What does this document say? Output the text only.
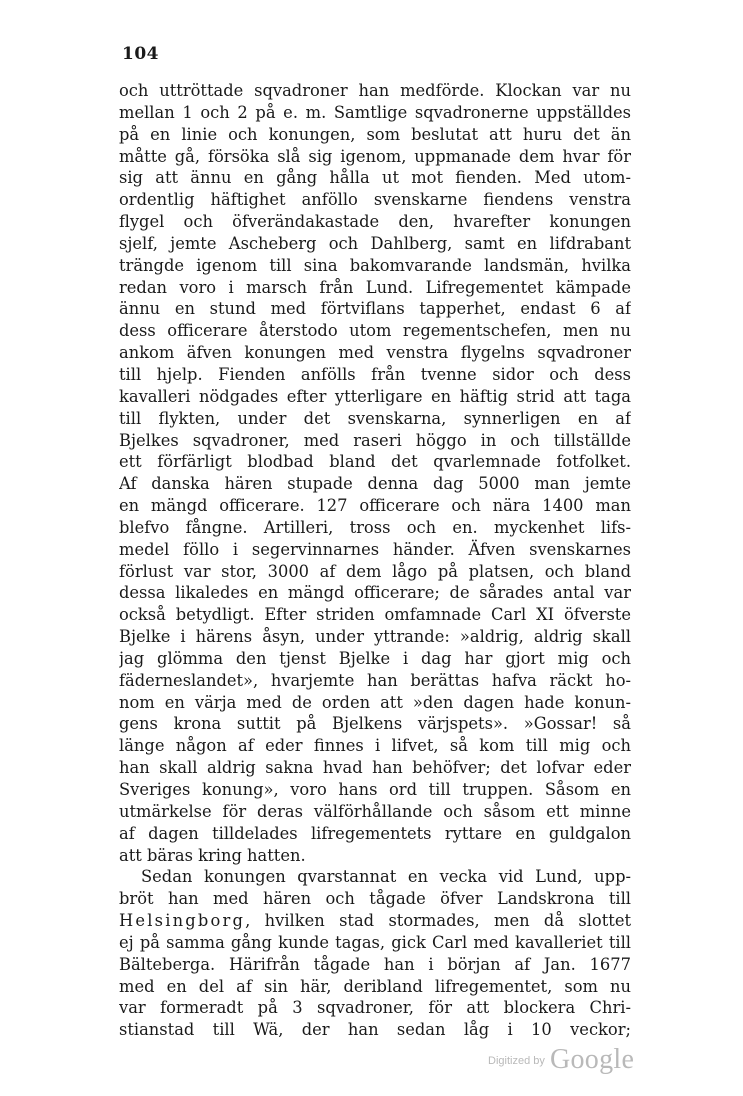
104
och uttröttade sqvadroner han medförde. Klockan var nu
mellan 1 och 2 på e. m. Samtlige sqvadronerne uppställdes
på en linie och konungen, som beslutat att huru det än
måtte gå, försöka slå sig igenom, uppmanade dem hvar för
sig att ännu en gång hålla ut mot fienden. Med utom-
ordentlig häftighet anföllo svenskarne fiendens venstra
flygel och öfverändakastade den, hvarefter konungen
sjelf, jemte Ascheberg och Dahlberg, samt en lifdrabant
trängde igenom till sina bakomvarande landsmän, hvilka
redan voro i marsch från Lund. Lifregementet kämpade
ännu en stund med förtviflans tapperhet, endast 6 af
dess officerare återstodo utom regementschefen, men nu
ankom äfven konungen med venstra flygelns sqvadroner
till hjelp. Fienden anfölls från tvenne sidor och dess
kavalleri nödgades efter ytterligare en häftig strid att taga
till flykten, under det svenskarna, synnerligen en af
Bjelkes sqvadroner, med raseri höggo in och tillställde
ett förfärligt blodbad bland det qvarlemnade fotfolket.
Af danska hären stupade denna dag 5000 man jemte
en mängd officerare. 127 officerare och nära 1400 man
blefvo fångne. Artilleri, tross och en. myckenhet lifs-
medel föllo i segervinnarnes händer. Äfven svenskarnes
förlust var stor, 3000 af dem lågo på platsen, och bland
dessa likaledes en mängd officerare; de sårades antal var
också betydligt. Efter striden omfamnade Carl XI öfverste
Bjelke i härens åsyn, under yttrande: »aldrig, aldrig skall
jag glömma den tjenst Bjelke i dag har gjort mig och
fäderneslandet», hvarjemte han berättas hafva räckt ho-
nom en värja med de orden att »den dagen hade konun-
gens krona suttit på Bjelkens värjspets». »Gossar! så
länge någon af eder finnes i lifvet, så kom till mig och
han skall aldrig sakna hvad han behöfver; det lofvar eder
Sveriges konung», voro hans ord till truppen. Såsom en
utmärkelse för deras välförhållande och såsom ett minne
af dagen tilldelades lifregementets ryttare en guldgalon
att bäras kring hatten.
Sedan konungen qvarstannat en vecka vid Lund, upp-
bröt han med hären och tågade öfver Landskrona till
Helsingborg, hvilken stad stormades, men då slottet
ej på samma gång kunde tagas, gick Carl med kavalleriet till
Bälteberga. Härifrån tågade han i början af Jan. 1677
med en del af sin här, deribland lifregementet, som nu
var formeradt på 3 sqvadroner, för att blockera Chri-
stianstad till Wä, der han sedan låg i 10 veckor;
$^{Digitized by}$ Google
